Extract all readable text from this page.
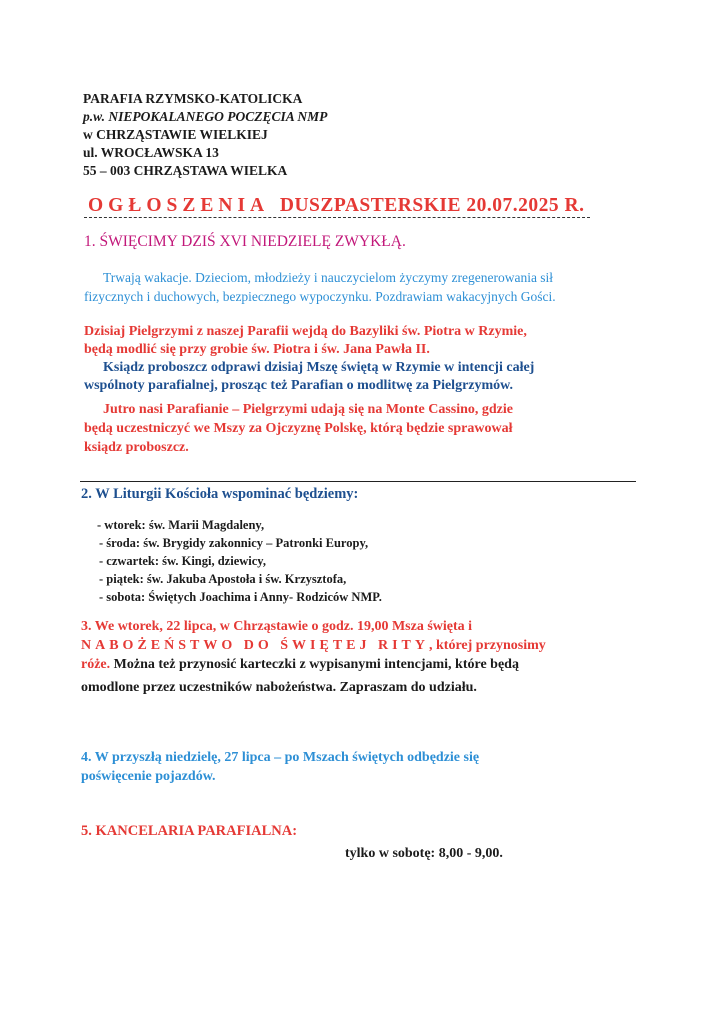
PARAFIA RZYMSKO-KATOLICKA
p.w. NIEPOKALANEGO POCZĘCIA NMP
w CHRZĄSTAWIE WIELKIEJ
ul. WROCŁAWSKA 13
55 – 003 CHRZĄSTAWA WIELKA
OGŁOSZENIA DUSZPASTERSKIE 20.07.2025 R.
1. ŚWIĘCIMY DZIŚ XVI NIEDZIELĘ ZWYKŁĄ.
Trwają wakacje. Dzieciom, młodzieży i nauczycielom życzymy zregenerowania sił
fizycznych i duchowych, bezpiecznego wypoczynku. Pozdrawiam wakacyjnych Gości.
Dzisiaj Pielgrzymi z naszej Parafii wejdą do Bazyliki św. Piotra w Rzymie,
będą modlić się przy grobie św. Piotra i św. Jana Pawła II.
Ksiądz proboszcz odprawi dzisiaj Mszę świętą w Rzymie w intencji całej
wspólnoty parafialnej, prosząc też Parafian o modlitwę za Pielgrzymów.
Jutro nasi Parafianie – Pielgrzymi udają się na Monte Cassino, gdzie
będą uczestniczyć we Mszy za Ojczyznę Polskę, którą będzie sprawował
ksiądz proboszcz.
2. W Liturgii Kościoła wspominać będziemy:
- wtorek: św. Marii Magdaleny,
- środa: św. Brygidy zakonnicy – Patronki Europy,
- czwartek: św. Kingi, dziewicy,
- piątek: św. Jakuba Apostoła i św. Krzysztofa,
- sobota: Świętych Joachima i Anny- Rodziców NMP.
3. We wtorek, 22 lipca, w Chrząstawie o godz. 19,00 Msza święta i
NABOŻEŃSTWO DO ŚWIĘTEJ RITY, której przynosimy
róże. Można też przynosić karteczki z wypisanymi intencjami, które będą
omodlone przez uczestników nabożeństwa. Zapraszam do udziału.
4. W przyszłą niedzielę, 27 lipca – po Mszach świętych odbędzie się
poświęcenie pojazdów.
5. KANCELARIA PARAFIALNA:
tylko w sobotę: 8,00 - 9,00.
